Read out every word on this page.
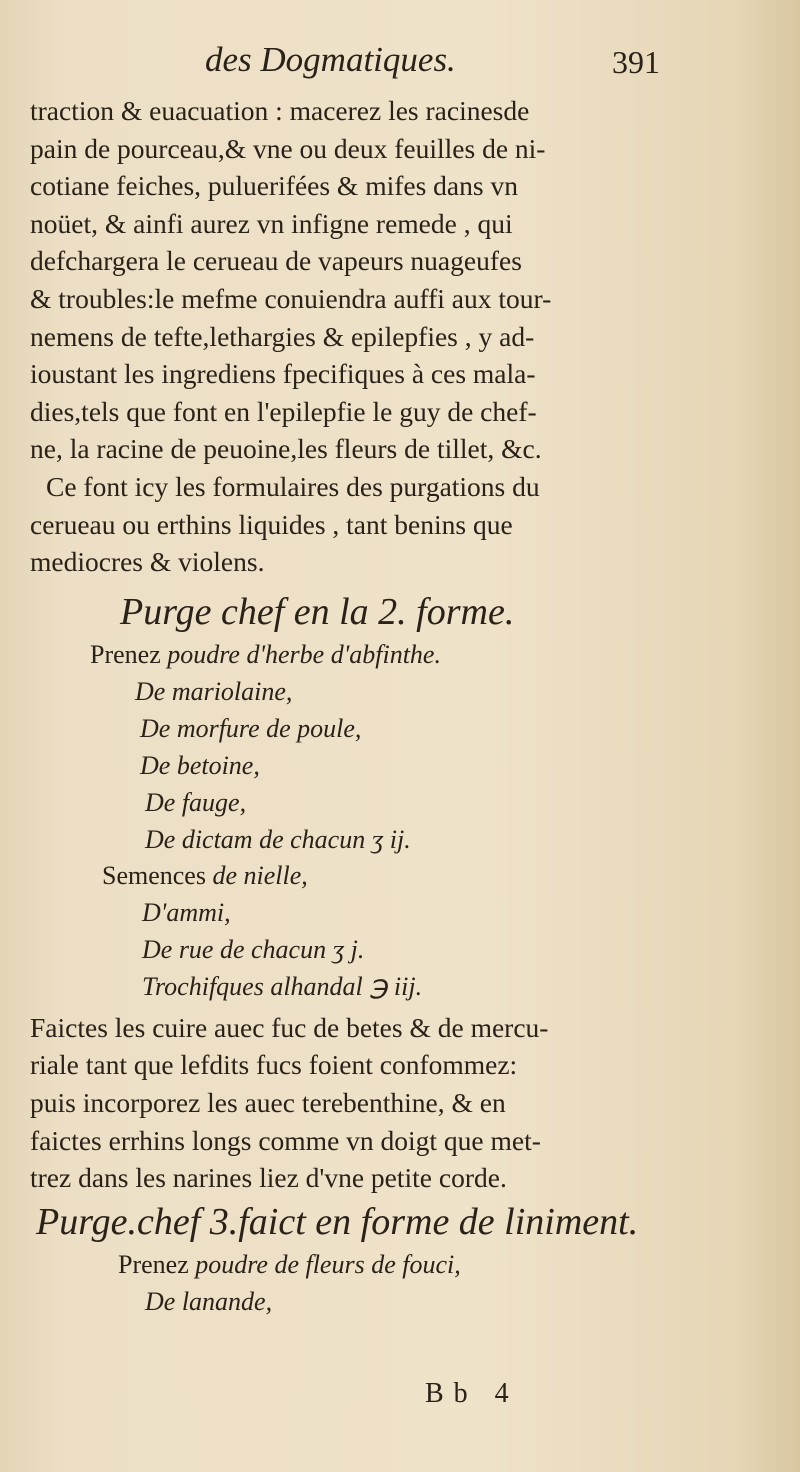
des Dogmatiques.	391
traction & euacuation : macerez les racinesde
pain de pourceau,& vne ou deux feuilles de ni-
cotiane feiches, puluerifées & mifes dans vn
noüet, & ainfi aurez vn infigne remede , qui
defchargera le cerueau de vapeurs nuageufes
& troubles:le mefme conuiendra auffi aux tour-
nemens de tefte,lethargies & epilepfies , y ad-
ioustant les ingrediens fpecifiques à ces mala-
dies,tels que font en l'epilepfie le guy de chef-
ne, la racine de peuoine,les fleurs de tillet, &c.
Ce font icy les formulaires des purgations du
cerueau ou erthins liquides , tant benins que
mediocres & violens.
Purge chef en la 2. forme.
Prenez poudre d'herbe d'abfinthe.
De mariolaine,
De morfure de poule,
De betoine,
De fauge,
De dictam de chacun ʒ ij.
Semences de nielle,
D'ammi,
De rue de chacun ʒ j.
Trochifques alhandal ℈ iij.
Faictes les cuire auec fuc de betes & de mercu-
riale tant que lefdits fucs foient confommez:
puis incorporez les auec terebenthine, & en
faictes errhins longs comme vn doigt que met-
trez dans les narines liez d'vne petite corde.
Purge.chef 3.faict en forme de liniment.
Prenez poudre de fleurs de fouci,
De lanande,
Bb 4
